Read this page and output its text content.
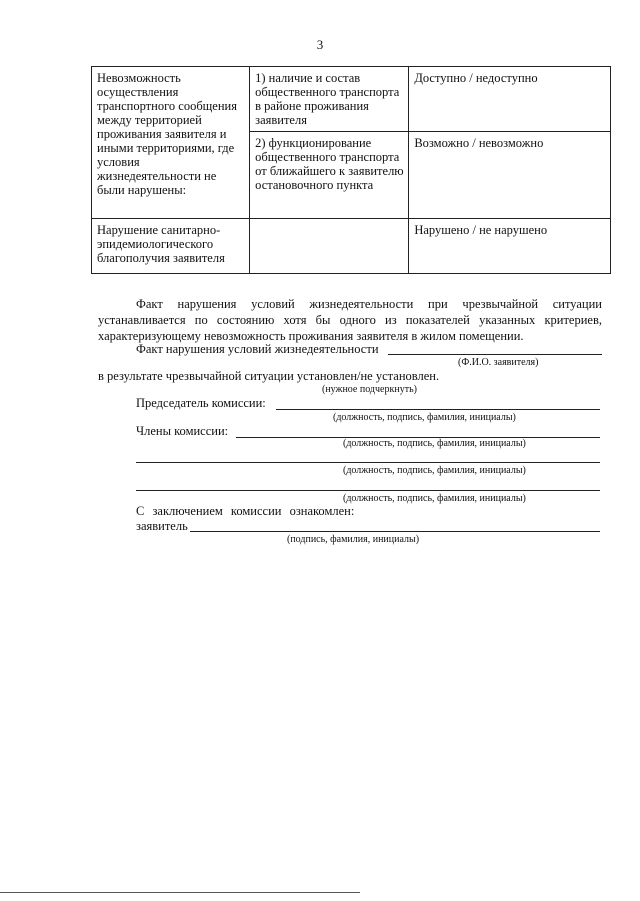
3
Невозможность осуществления транспортного сообщения между территорией проживания заявителя и иными территориями, где условия жизнедеятельности не были нарушены:	1) наличие и состав общественного транспорта в районе проживания заявителя	Доступно / недоступно
	2) функционирование общественного транспорта от ближайшего к заявителю остановочного пункта	Возможно / невозможно
Нарушение санитарно-эпидемиологического благополучия заявителя		Нарушено / не нарушено
Факт нарушения условий жизнедеятельности при чрезвычайной ситуации устанавливается по состоянию хотя бы одного из показателей указанных критериев, характеризующему невозможность проживания заявителя в жилом помещении.
Факт нарушения условий жизнедеятельности
(Ф.И.О. заявителя)
в результате чрезвычайной ситуации установлен/не установлен.
(нужное подчеркнуть)
Председатель комиссии:
(должность, подпись, фамилия, инициалы)
Члены комиссии:
(должность, подпись, фамилия, инициалы)
(должность, подпись, фамилия, инициалы)
(должность, подпись, фамилия, инициалы)
С заключением комиссии ознакомлен:
заявитель
(подпись, фамилия, инициалы)
